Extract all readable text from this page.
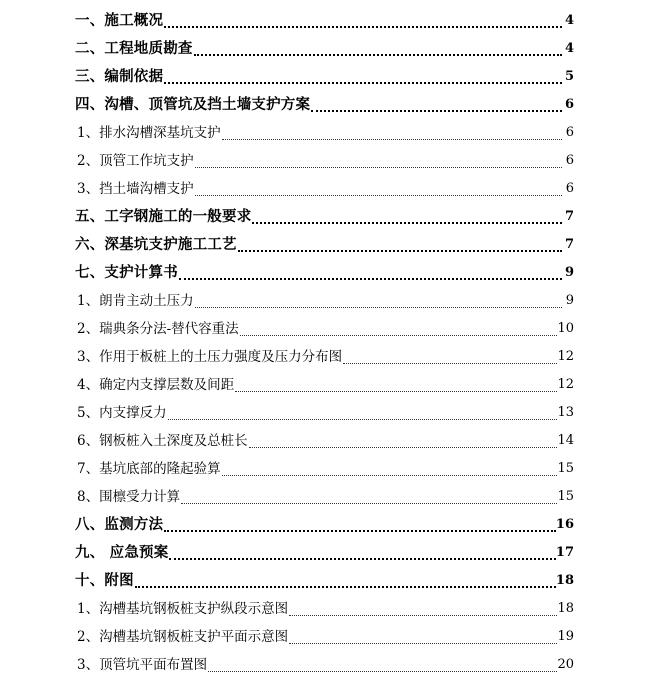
一、施工概况	4
二、工程地质勘查	4
三、编制依据	5
四、沟槽、顶管坑及挡土墙支护方案	6
1、排水沟槽深基坑支护	6
2、顶管工作坑支护	6
3、挡土墙沟槽支护	6
五、工字钢施工的一般要求	7
六、深基坑支护施工工艺	7
七、支护计算书	9
1、朗肯主动土压力	9
2、瑞典条分法-替代容重法	10
3、作用于板桩上的土压力强度及压力分布图	12
4、确定内支撑层数及间距	12
5、内支撑反力	13
6、钢板桩入土深度及总桩长	14
7、基坑底部的隆起验算	15
8、围檩受力计算	15
八、监测方法	16
九、 应急预案	17
十、附图	18
1、沟槽基坑钢板桩支护纵段示意图	18
2、沟槽基坑钢板桩支护平面示意图	19
3、顶管坑平面布置图	20
